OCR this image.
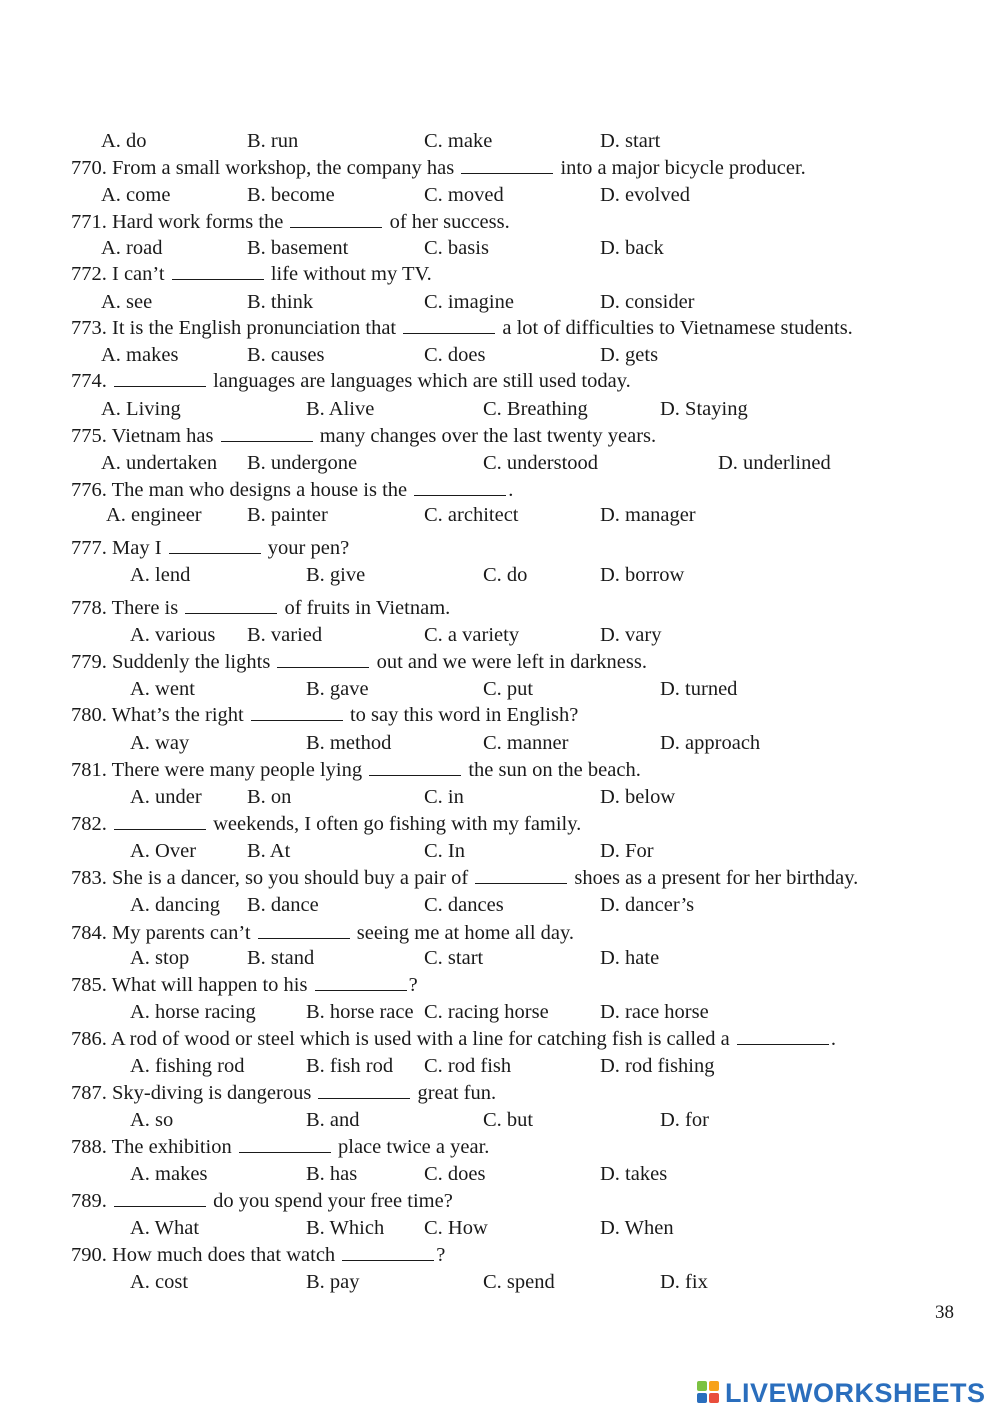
A. do	B. run	C. make	D. start
770. From a small workshop, the company has	into a major bicycle producer.
A. come	B. become	C. moved	D. evolved
771. Hard work forms the	of her success.
A. road	B. basement	C. basis	D. back
772. I can’t	life without my TV.
A. see	B. think	C. imagine	D. consider
773. It is the English pronunciation that	a lot of difficulties to Vietnamese students.
A. makes	B. causes	C. does	D. gets
774.	languages are languages which are still used today.
A. Living	B. Alive	C. Breathing	D. Staying
775. Vietnam has	many changes over the last twenty years.
A. undertaken B. undergone	C. understood	D. underlined
776. The man who designs a house is the	.
A. engineer B. painter	C. architect	D. manager
777. May I	your pen?
A. lend	B. give	C. do	D. borrow
778. There is	of fruits in Vietnam.
A. various B. varied	C. a variety	D. vary
779. Suddenly the lights	out and we were left in darkness.
A. went	B. gave	C. put	D. turned
780. What’s the right	to say this word in English?
A. way	B. method	C. manner	D. approach
781. There were many people lying	the sun on the beach.
A. under B. on	C. in	D. below
782.	weekends, I often go fishing with my family.
A. Over B. At	C. In	D. For
783. She is a dancer, so you should buy a pair of	shoes as a present for her birthday.
A. dancing B. dance	C. dances	D. dancer’s
784. My parents can’t	seeing me at home all day.
A. stop	B. stand	C. start	D. hate
785. What will happen to his	?
A. horse racing B. horse race C. racing horse	D. race horse
786. A rod of wood or steel which is used with a line for catching fish is called a	.
A. fishing rod	B. fish rod C. rod fish	D. rod fishing
787. Sky-diving is dangerous	great fun.
A. so	B. and	C. but	D. for
788. The exhibition	place twice a year.
A. makes	B. has	C. does	D. takes
789.	do you spend your free time?
A. What	B. Which C. How	D. When
790. How much does that watch	?
A. cost	B. pay	C. spend	D. fix
38
LIVEWORKSHEETS
